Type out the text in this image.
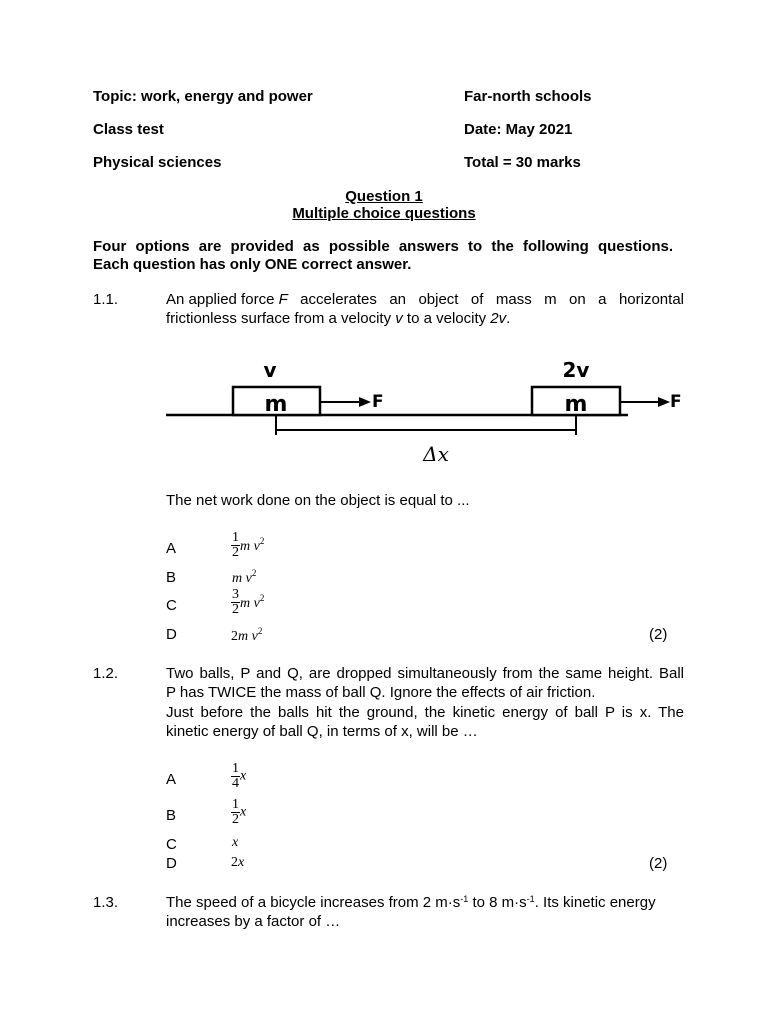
Topic: work, energy and power	Far-north schools
Class test	Date: May 2021
Physical sciences	Total = 30 marks
Question 1
Multiple choice questions
Four options are provided as possible answers to the following questions.
Each question has only ONE correct answer.
1.1.	An applied force F accelerates an object of mass m on a horizontal
frictionless surface from a velocity v to a velocity 2v.
m
v
F	m
2v
F
Δx
The net work done on the object is equal to ...
A	$\frac{1}{2}$ m $v^2$
B	m $v^2$
C	$\frac{3}{2}$ m $v^2$
D	2m $v^2$	(2)
1.2.	Two balls, P and Q, are dropped simultaneously from the same height. Ball
P has TWICE the mass of ball Q. Ignore the effects of air friction.
Just before the balls hit the ground, the kinetic energy of ball P is x. The
kinetic energy of ball Q, in terms of x, will be …
A	$\frac{1}{4}$ x
B	$\frac{1}{2}$ x
C	x
D	2x	(2)
1.3.	The speed of a bicycle increases from 2 $m\cdot s^{-1}$ to 8 $m\cdot s^{-1}$. Its kinetic energy
increases by a factor of …
